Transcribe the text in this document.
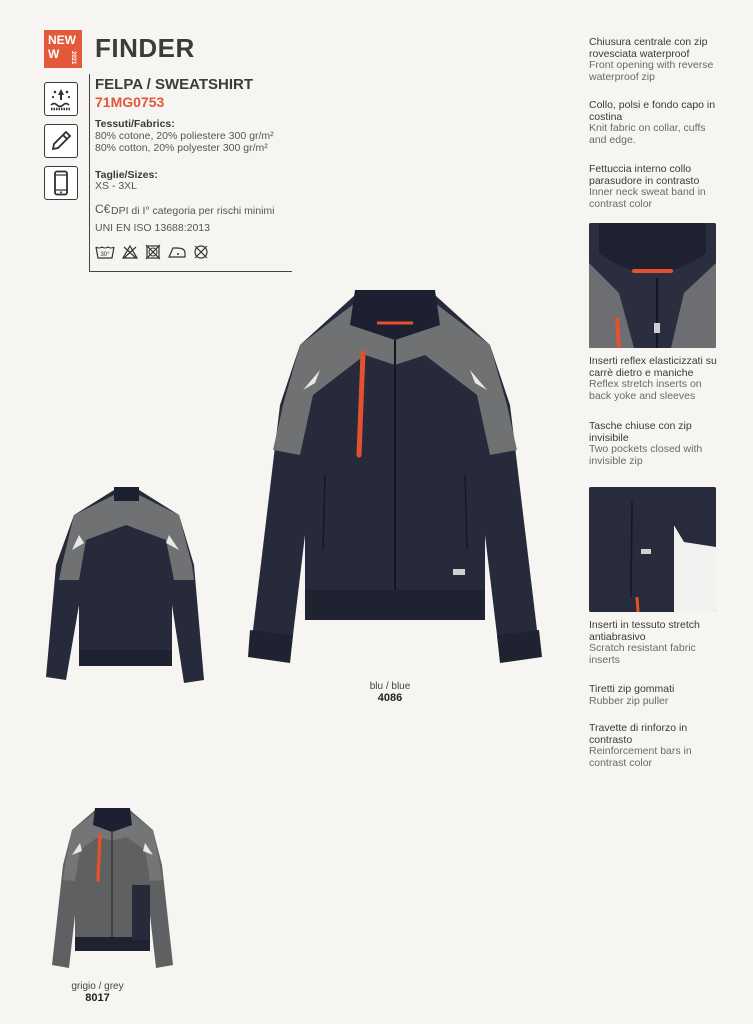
NEW
W	2021 FINDER
FELPA / SWEATSHIRT
71MG0753
Tessuti/Fabrics:
80% cotone, 20% poliestere 300 gr/m²
80% cotton, 20% polyester 300 gr/m²
Taglie/Sizes:
XS - 3XL
C€ DPI di I° categoria per rischi minimi
UNI EN ISO 13688:2013
30°
blu / blue
4086
grigio / grey
8017
Chiusura centrale con zip rovesciata waterproof
Front opening with reverse waterproof zip
Collo, polsi e fondo capo in costina
Knit fabric on collar, cuffs and edge.
Fettuccia interno collo parasudore in contrasto
Inner neck sweat band in contrast color
Inserti reflex elasticizzati su carrè dietro e maniche
Reflex stretch inserts on back yoke and sleeves
Tasche chiuse con zip invisibile
Two pockets closed with invisible zip
Inserti in tessuto stretch antiabrasivo
Scratch resistant fabric inserts
Tiretti zip gommati
Rubber zip puller
Travette di rinforzo in contrasto
Reinforcement bars in contrast color
